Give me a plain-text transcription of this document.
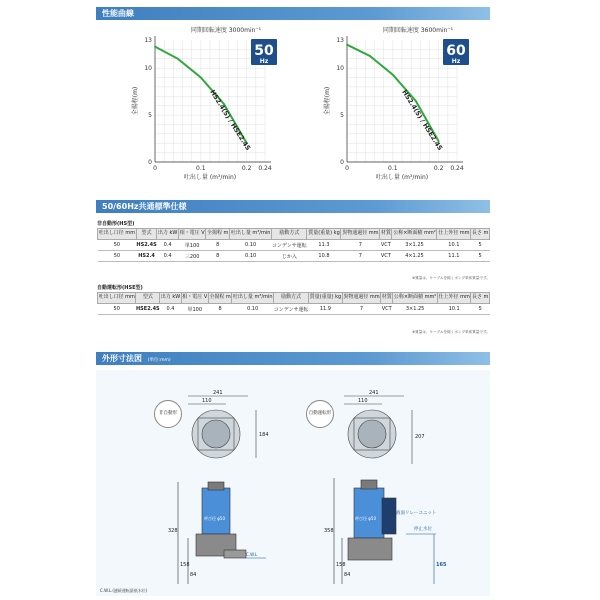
性能曲線
0
5
10
13
0	0.1	0.2 0.24
吐出し量 (m³/min)
全揚程(m)
同期回転速度 3000min⁻¹
50
Hz
HS2.4(S) / HSE2.4S
0
5
10
13
0	0.1	0.2 0.24
吐出し量 (m³/min)
全揚程(m)
同期回転速度 3600min⁻¹
60
Hz
HS2.4(S) / HSE2.4S
50/60Hz共通標準仕様
非自動形(HS型)
吐出し口径 mm	型式	出力 kW	相・電圧 V	全揚程 m	吐出し量 m³/min	励動方式	質量(重量) kg	異物通過径 mm	材質	公称×断面積 mm²	仕上外径 mm	長さ m
50	HS2.4S	0.4	単100	8	0.10	コンデンサ運転	11.3	7	VCT	3×1.25	10.1	5
50	HS2.4	0.4	三200	8	0.10	じか入	10.8	7	VCT	4×1.25	11.1	5
※質量は、ケーブルを除くポンプ単体質量です。
自動運転形(HSE型)
吐出し口径 mm	型式	出力 kW	相・電圧 V	全揚程 m	吐出し量 m³/min	励動方式	質量(重量) kg	異物通過径 mm	材質	公称×断面積 mm²	仕上外径 mm	長さ m
50	HSE2.4S	0.4	単100	8	0.10	コンデンサ運転	11.9	7	VCT	3×1.25	10.1	5
※質量は、ケーブルを除くポンプ単体質量です。
外形寸法図 (単位:mm)
非自動形	自動運転形
241
110
184
328
呼び径 φ50
158
84
C.W.L
241
110
207
358
呼び径 φ50
158
84
165
液面リレーユニット
停止水位
C.W.L.(連続運転最低水位)
